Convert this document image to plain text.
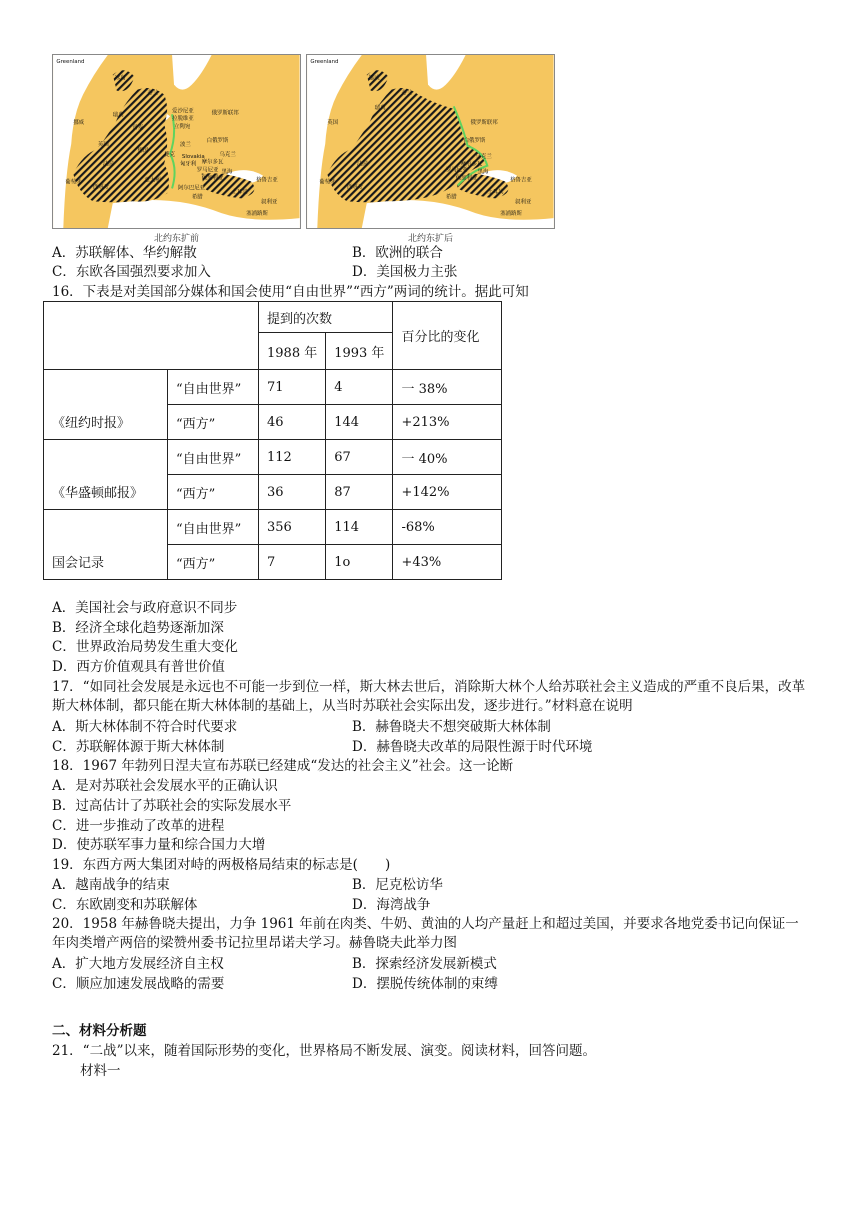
Greenland
挪威
瑞典
爱沙尼亚
拉脱维亚
立陶宛
俄罗斯联邦
波兰
白俄罗斯
乌克兰
捷克 Slovakia
匈牙利 摩尔多瓦
罗马尼亚
保加利亚
阿尔巴尼亚
黑海
希腊
土耳其
叙利亚
塞浦路斯
英国
法国
西班牙
葡萄牙
德国
意大利
冰岛
芬兰
丹麦
格鲁吉亚
Greenland
俄罗斯联邦
白俄罗斯
乌克兰
摩尔多瓦
保加利亚
黑海
希腊
土耳其
叙利亚
塞浦路斯
西班牙
葡萄牙
法国
英国
芬兰
瑞典
挪威
格鲁吉亚
罗马尼亚
北约东扩前	北约东扩后
A．苏联解体、华约解散	B．欧洲的联合
C．东欧各国强烈要求加入	D．美国极力主张
16．下表是对美国部分媒体和国会使用“自由世界”“西方”两词的统计。据此可知
		提到的次数		百分比的变化
		1988 年	1993 年	
《纽约时报》	“自由世界”	71	4	一 38%
	“西方”	46	144	+213%
《华盛顿邮报》	“自由世界”	112	67	一 40%
	“西方”	36	87	+142%
国会记录	“自由世界”	356	114	-68%
	“西方”	7	1o	+43%
A．美国社会与政府意识不同步
B．经济全球化趋势逐渐加深
C．世界政治局势发生重大变化
D．西方价值观具有普世价值
17．“如同社会发展是永远也不可能一步到位一样，斯大林去世后，消除斯大林个人给苏联社会主义造成的严重不良后果，改革斯大林体制，都只能在斯大林体制的基础上，从当时苏联社会实际出发，逐步进行。”材料意在说明
A．斯大林体制不符合时代要求	B．赫鲁晓夫不想突破斯大林体制
C．苏联解体源于斯大林体制	D．赫鲁晓夫改革的局限性源于时代环境
18．1967 年勃列日涅夫宣布苏联已经建成“发达的社会主义”社会。这一论断
A．是对苏联社会发展水平的正确认识
B．过高估计了苏联社会的实际发展水平
C．进一步推动了改革的进程
D．使苏联军事力量和综合国力大增
19．东西方两大集团对峙的两极格局结束的标志是(　　)
A．越南战争的结束	B．尼克松访华
C．东欧剧变和苏联解体	D．海湾战争
20．1958 年赫鲁晓夫提出，力争 1961 年前在肉类、牛奶、黄油的人均产量赶上和超过美国，并要求各地党委书记向保证一年肉类增产两倍的梁赞州委书记拉里昂诺夫学习。赫鲁晓夫此举力图
A．扩大地方发展经济自主权	B．探索经济发展新模式
C．顺应加速发展战略的需要	D．摆脱传统体制的束缚
二、材料分析题
21．“二战”以来，随着国际形势的变化，世界格局不断发展、演变。阅读材料，回答问题。
材料一
